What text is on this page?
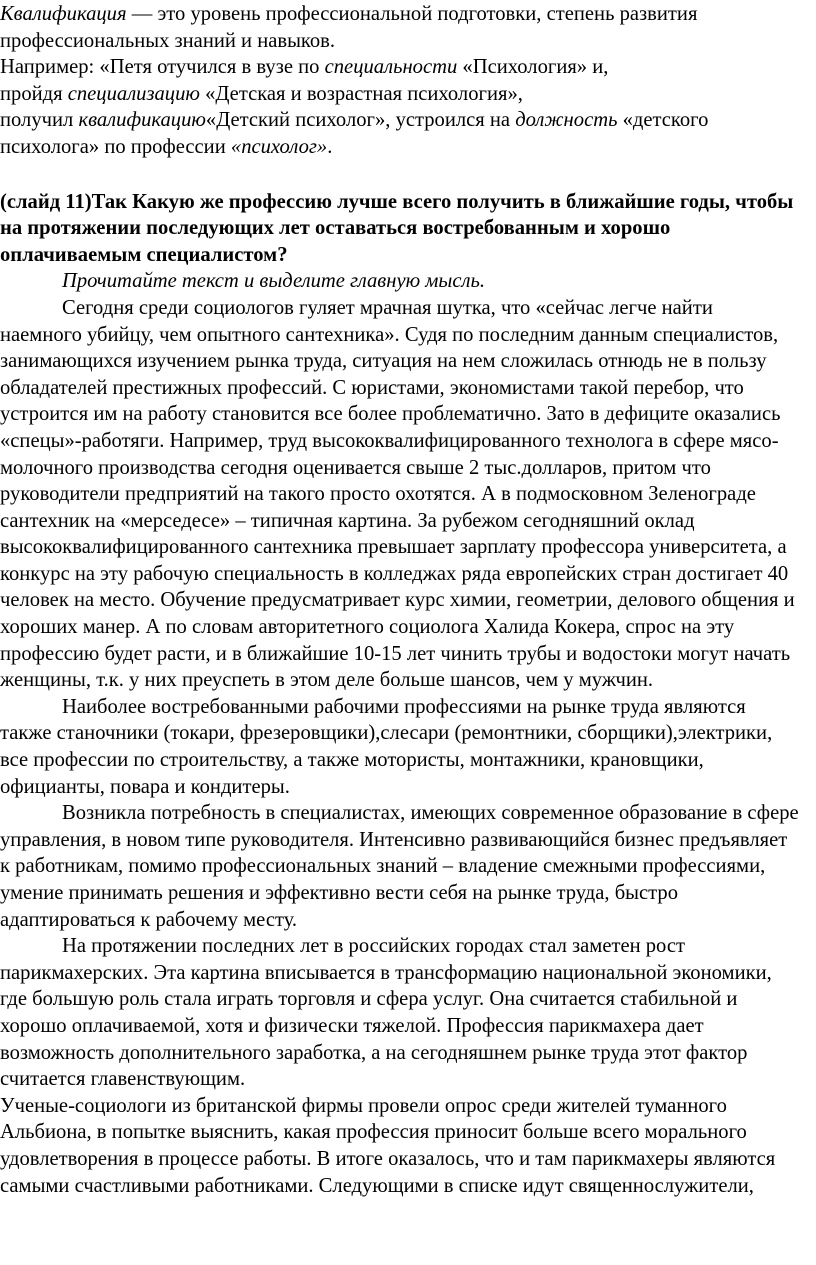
Квалификация — это уровень профессиональной подготовки, степень развития
профессиональных знаний и навыков.
Например: «Петя отучился в вузе по специальности «Психология» и,
пройдя специализацию «Детская и возрастная психология»,
получил квалификацию«Детский психолог», устроился на должность «детского
психолога» по профессии «психолог».
(слайд 11)Так Какую же профессию лучше всего получить в ближайшие годы, чтобы
на протяжении последующих лет оставаться востребованным и хорошо
оплачиваемым специалистом?
Прочитайте текст и выделите главную мысль.
Сегодня среди социологов гуляет мрачная шутка, что «сейчас легче найти
наемного убийцу, чем опытного сантехника». Судя по последним данным специалистов,
занимающихся изучением рынка труда, ситуация на нем сложилась отнюдь не в пользу
обладателей престижных профессий. С юристами, экономистами такой перебор, что
устроится им на работу становится все более проблематично. Зато в дефиците оказались
«спецы»-работяги. Например, труд высококвалифицированного технолога в сфере мясо-
молочного производства сегодня оценивается свыше 2 тыс.долларов, притом что
руководители предприятий на такого просто охотятся. А в подмосковном Зеленограде
сантехник на «мерседесе» – типичная картина. За рубежом сегодняшний оклад
высококвалифицированного сантехника превышает зарплату профессора университета, а
конкурс на эту рабочую специальность в колледжах ряда европейских стран достигает 40
человек на место. Обучение предусматривает курс химии, геометрии, делового общения и
хороших манер. А по словам авторитетного социолога Халида Кокера, спрос на эту
профессию будет расти, и в ближайшие 10-15 лет чинить трубы и водостоки могут начать
женщины, т.к. у них преуспеть в этом деле больше шансов, чем у мужчин.
Наиболее востребованными рабочими профессиями на рынке труда являются
также станочники (токари, фрезеровщики),слесари (ремонтники, сборщики),электрики,
все профессии по строительству, а также мотористы, монтажники, крановщики,
официанты, повара и кондитеры.
Возникла потребность в специалистах, имеющих современное образование в сфере
управления, в новом типе руководителя. Интенсивно развивающийся бизнес предъявляет
к работникам, помимо профессиональных знаний – владение смежными профессиями,
умение принимать решения и эффективно вести себя на рынке труда, быстро
адаптироваться к рабочему месту.
На протяжении последних лет в российских городах стал заметен рост
парикмахерских. Эта картина вписывается в трансформацию национальной экономики,
где большую роль стала играть торговля и сфера услуг. Она считается стабильной и
хорошо оплачиваемой, хотя и физически тяжелой. Профессия парикмахера дает
возможность дополнительного заработка, а на сегодняшнем рынке труда этот фактор
считается главенствующим.
Ученые-социологи из британской фирмы провели опрос среди жителей туманного
Альбиона, в попытке выяснить, какая профессия приносит больше всего морального
удовлетворения в процессе работы. В итоге оказалось, что и там парикмахеры являются
самыми счастливыми работниками. Следующими в списке идут священнослужители,
